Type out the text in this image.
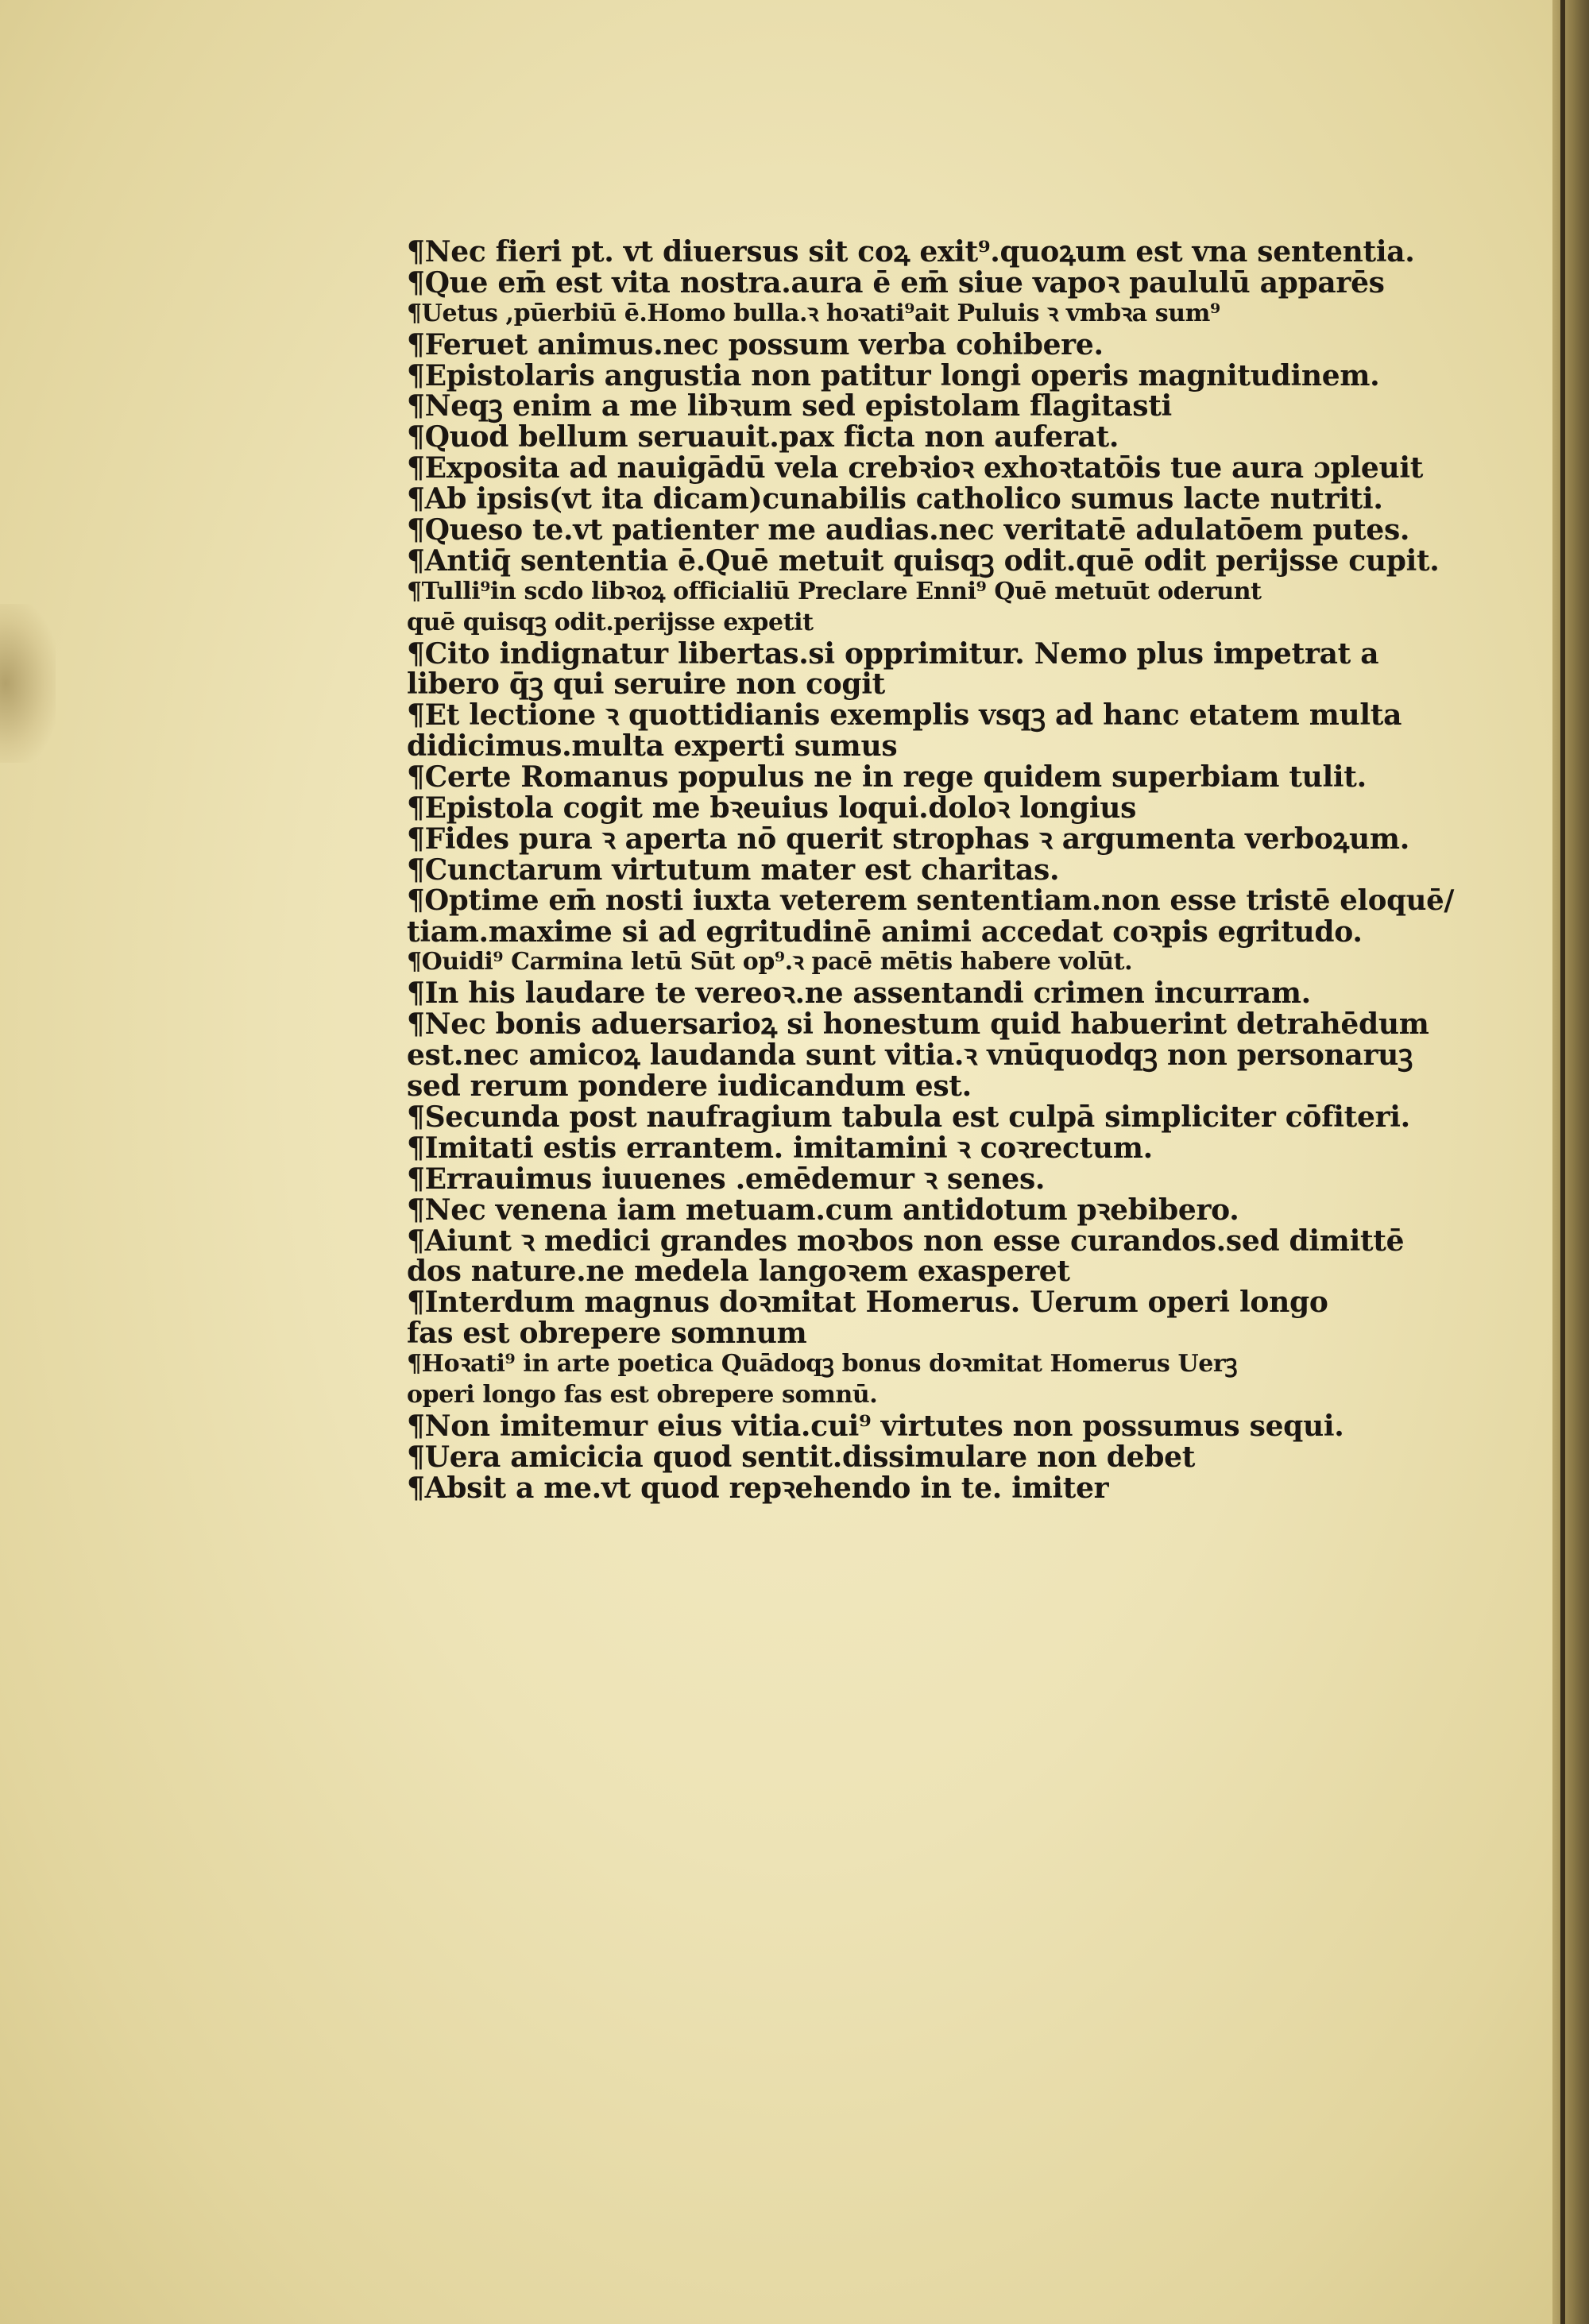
¶Nec fieri pt. vt diuersus sit coꝝ exit⁹.quoꝝum est vna sententia.
¶Que em̄ est vita nostra.aura ē em̄ siue vapoꝛ paululū apparēs
¶Uetus ,pūerbiū ē.Homo bulla.ꝛ hoꝛati⁹ait Puluis ꝛ vmbꝛa sum⁹
¶Feruet animus.nec possum verba cohibere.
¶Epistolaris angustia non patitur longi operis magnitudinem.
¶Neqꝫ enim a me libꝛum sed epistolam flagitasti
¶Quod bellum seruauit.pax ficta non auferat.
¶Exposita ad nauigādū vela crebꝛioꝛ exhoꝛtatōis tue aura ɔpleuit
¶Ab ipsis(vt ita dicam)cunabilis catholico sumus lacte nutriti.
¶Queso te.vt patienter me audias.nec veritatē adulatōem putes.
¶Antiq̄ sententia ē.Quē metuit quisqꝫ odit.quē odit perijsse cupit.
¶Tulli⁹in scdo libꝛoꝝ officialiū Preclare Enni⁹ Quē metuūt oderunt
quē quisqꝫ odit.perijsse expetit
¶Cito indignatur libertas.si opprimitur. Nemo plus impetrat a
libero q̄ꝫ qui seruire non cogit
¶Et lectione ꝛ quottidianis exemplis vsqꝫ ad hanc etatem multa
didicimus.multa experti sumus
¶Certe Romanus populus ne in rege quidem superbiam tulit.
¶Epistola cogit me bꝛeuius loqui.doloꝛ longius
¶Fides pura ꝛ aperta nō querit strophas ꝛ argumenta verboꝝum.
¶Cunctarum virtutum mater est charitas.
¶Optime em̄ nosti iuxta veterem sententiam.non esse tristē eloquē/
tiam.maxime si ad egritudinē animi accedat coꝛpis egritudo.
¶Ouidi⁹ Carmina letū Sūt op⁹.ꝛ pacē mētis habere volūt.
¶In his laudare te vereoꝛ.ne assentandi crimen incurram.
¶Nec bonis aduersarioꝝ si honestum quid habuerint detrahēdum
est.nec amicoꝝ laudanda sunt vitia.ꝛ vnūquodqꝫ non personaruꝫ
sed rerum pondere iudicandum est.
¶Secunda post naufragium tabula est culpā simpliciter cōfiteri.
¶Imitati estis errantem. imitamini ꝛ coꝛrectum.
¶Errauimus iuuenes .emēdemur ꝛ senes.
¶Nec venena iam metuam.cum antidotum pꝛebibero.
¶Aiunt ꝛ medici grandes moꝛbos non esse curandos.sed dimittē
dos nature.ne medela langoꝛem exasperet
¶Interdum magnus doꝛmitat Homerus. Uerum operi longo
fas est obrepere somnum
¶Hoꝛati⁹ in arte poetica Quādoqꝫ bonus doꝛmitat Homerus Uerꝫ
operi longo fas est obrepere somnū.
¶Non imitemur eius vitia.cui⁹ virtutes non possumus sequi.
¶Uera amicicia quod sentit.dissimulare non debet
¶Absit a me.vt quod repꝛehendo in te. imiter
